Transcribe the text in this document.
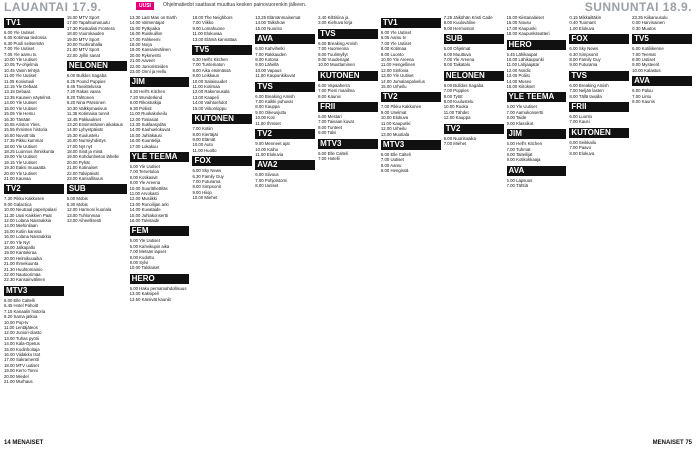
LAUANTAI 17.9.	UUSI	Ohjelmatiedot saattavat muuttua kesken painovuorenkin jälkeen.	SUNNUNTAI 18.9.
TV1
6.00 Yle Uutiset
6.05 Kotimaa tiedossa
6.30 Puoli seitsemän
7.00 Yle Uutiset
7.05 Yle aamu tv.
10.00 Yle Uutiset
10.05 Tv-ohjelmia
10.45 Vainn tehtyä
11.00 Yle Uutiset
11.05 Kosiutuuli
12.15 Yle Debaat.
13.15 Debaat.
13.35 Kaunein näytelmä
14.00 Yle Uutiset
15.00 Yle Uutiset
15.05 Yle Hemu
16.30 Tänään
16.55 Ariston Yleis.
15.55 Ihmisten historia
16.50 Nuvott tila
17.35 Pikku kummat
18.00 Yle Uutiset
18.25 Luonnos ihmiskunta
19.00 Yle Uutiset
19.15 Yle Uutiset
19.30 Eaksi muuaatta
20.00 Yle Uutiset
21.00 Kaunaa
TV2
7.30 Pikku Kakkosen
9.00 Galactica
10.00 Neutraal paperipalasi
11.30 Uusi Kaikkien Paat
12.00 Lolana Naisnakkia
14.00 Miehinilaan
15.00 Kotiin kanssa
16.00 Lolana Naisnakkia
17.00 Yle Nyt
18.00 Jalkapallo
19.00 Kantokiraa
20.00 Helmikuuaika
21.00 Ihmekuunta
21.30 Huuhtomainio
22.00 Nautoorimaa
22.30 Kansainvälinen
MTV3
6.00 Elle Caltelli
6.45 Hotel Pahoitt
7.15 Kanaalin historia
9.20 Sama jatkoa
10.00 Pop-tv
11.00 Lentäjäteos
12.00 Juniori-olasto
13.00 Tuhas pyörii
14.00 Kala-Opetus
15.00 Kodinhoitaja
16.00 Viidakko Isot
17.00 Sakramentti
18.00 MTV uutiset
19.00 Kerro Tonni
20.00 Miedel
21.00 Murhaus
15.00 MTV Sport
17.00 Tapahtumaruutu
17.30 Roskalisti Frontera
18.00 Vuorokauden
19.00 MTV Sport
20.00 Tuohirahalla
21.00 MTV Sport
22.00 Jyllin sanat
NELONEN
6.00 Bulldos Sagaba
6.25 Pound Puppies
6.45 Tavoittelussa
7.20 Rakas vaara
8.20 Tahtonen
9.20 Nina Pärssinen
10.30 Valkkymasivun
11.35 Kotimaisa tunnit
12.45 Pakkaukset
13.20 Ensimmäinen aikakaus
14.00 Lyhyetpäivät
15.30 Kuulustelu
16.00 Nurmiyhdistys
17.00 Nyt nyt
18.00 Sinä ja minä
19.00 Kohdunheiton lähelle
20.00 Pyhät
21.00 Kotinaiset
22.00 Talvipäivät
23.00 Kansallisuus
SUB
5.00 Mobis
5.30 Mobis
12.00 Harmoni kuoriala
13.00 Tuhlonmaa
13.00 Aiheellisesti
13.30 Last Man on Earth
14.00 Valmentajat
15.00 Pytkyaika
16.00 Ruiskuillon
17.00 Fahkeemi
18.00 Norja
19.00 Kansainvälinen
20.00 Rykmentti
21.00 Aaveet
22.00 Junioristeiden
23.00 Onni ja Hellu
JIM
6.30 Hell's Kitchen
7.20 Wunderkind
8.00 Rikostutkija
9.30 Poliisit
11.00 Ruokakokeilu
12.00 Tosiasiat
13.30 Suklaasydän
14.00 Kauhuelokuvat
15.00 Juhlakausi
16.00 Kuuntelija
17.00 Lokakuu
YLE TEEMA
6.00 Yle Uutiset
7.00 Tervetuloa
8.00 Kotikasvit
9.00 Yle Areena
10.00 Suurlähettiläs
11.00 Arvokasti
12.00 Musiikki
13.00 Runoilijan arki
14.00 Kuvataide
15.00 Juhlakonsertti
16.00 Talvitaide
FEM
5.00 Yle Uutiset
6.00 Kahvikupin aika
7.00 Metsän lapset
8.00 Kudottu
9.00 Sylvi
10.00 Talolaiset
HERO
6.00 Haku pernamahdollisuus
13.00 Kaksipeli
13.50 Kärsivät kauniit
18.00 The Neighbors
7.00 Viikko
9.00 Lomahuone
11.00 Elokuvaa
13.00 Elämä kannattaa
TV5
6.30 Hell's Kitchen
7.00 Tuntematon
8.00 Aika etsimässä
9.00 Leikkaus
10.00 Salaisuudet
11.00 Kotimaa
12.00 Rakennusala
13.00 Kaapeli
14.00 Vaihtoehdot
15.00 Viikonloppu
KUTONEN
7.00 Kotiin
8.00 Kiertäjät
9.00 Elämät
10.00 Auto
11.00 Huolto
FOX
6.00 Sky News
6.30 Family Guy
7.00 Futurama
8.00 Simpsonit
9.00 Hiiop
10.00 Miehet
13.25 Elämänmaisemat
14.00 Talkshow
15.00 Nuoriso
AVA
6.00 Kahvihetki
7.00 Rakkauden
8.00 Kotona
9.00 Lähellä
10.00 Vapaus
11.00 Kaupunkikuvat
TVS
6.00 Breaking Amish
7.00 Kaikki puhuvat
8.00 Kauppa
9.00 Oikeusjuttu
10.00 Koti
11.00 Ihmiset
TV2
9.00 Menneet ajat
10.00 Kaiho
11.00 Elokuvia
AVA2
6.00 Siivous
7.00 Pohjoistorni
8.00 Uutiset
2.40 Kilttiriina ja
3.00 Kiehuva kirja
TVS
6.00 Breaking Amish
7.00 Huomenna
8.00 Tuulimyllyt
9.00 Vuodenajat
10.00 Muuttaminen
KUTONEN
6.00 Vapaaherra
7.00 Pieni maailma
8.00 Kaunis
FRII
6.00 Mestari
7.00 Taivaan kuvat
8.00 Tunteet
9.00 Talvi
MTV3
6.00 Elle Calteli
7.00 Hotelli
TV1
6.00 Yle Uutiset
6.05 Aamu tv
7.00 Yle Uutiset
8.00 Kotimaa
9.00 Luonto
10.00 Yle Areena
11.00 Hengellinen
12.00 Sinfonia
13.00 Yle Uutiset
14.00 Jumalanpalvelus
15.00 Urheilu
TV2
7.00 Pikku Kakkonen
9.00 Unelmat
10.00 Elokuva
11.00 Kaupunki
12.00 Urheilu
13.00 Muotiala
MTV3
6.00 Elle Calteli
7.00 Uutiset
8.00 Aamu
9.00 Hengissä
7.25 Jäiköhän Kristi Cade
8.00 Kuuloväline
9.00 Hermoston
SUB
5.00 Ohjelmat
6.00 Muuttuva
7.00 Yle Areena
8.00 Taikatalo
NELONEN
6.00 Bulldos Sagaba
7.00 Puppies
8.00 Tytöt
9.00 Kuulustelu
10.00 Ruoka
11.00 Tähdet
12.00 Kauppa
TV2
6.00 Nuorisoaika
7.00 Miehet
15.00 Kiistanalaiset
16.00 Nousu
17.00 Kaupunki
18.00 Kaupunkiteatteri
HERO
5.45 Lähikaupat
10.00 Lähikaupunki
11.00 Lahjaajatar
12.00 Nordic
13.00 Poliisi
14.00 Museo
15.00 Kiitokset
YLE TEEMA
6.00 Yle Uutiset
7.00 Aamukonsertti
8.00 Taide
9.00 Klassikot
JIM
6.00 Hell's Kitchen
7.00 Tuhmat
8.00 Taiteilijat
9.00 Kotikokkaaja
AVA
6.00 Lapsuus
7.00 Tähtiä
0.15 Mikkailtäkin
0.40 Tuomarit
1.00 Elokuva
FOX
6.00 Sky News
6.30 Simpsonit
8.00 Family Guy
9.00 Futurama
TVS
6.00 Breaking Amish
7.00 Neljän lasten
8.00 Tällä tavalla
FRII
6.00 Luonto
7.00 Kausi
KUTONEN
6.00 Seikkailu
7.00 Paavo
8.00 Elokuva
23.35 Kiikaruusulu
0.00 Harvinainen
0.30 Muutos
TV5
6.00 Kotiliikenne
7.00 Teemat
8.00 Uutiset
9.00 Mysteerit
10.00 Kalastus
AVA
6.00 Paluu
7.00 Lintu
8.00 Kaunis
14 MENAISET	MENAISET 75
